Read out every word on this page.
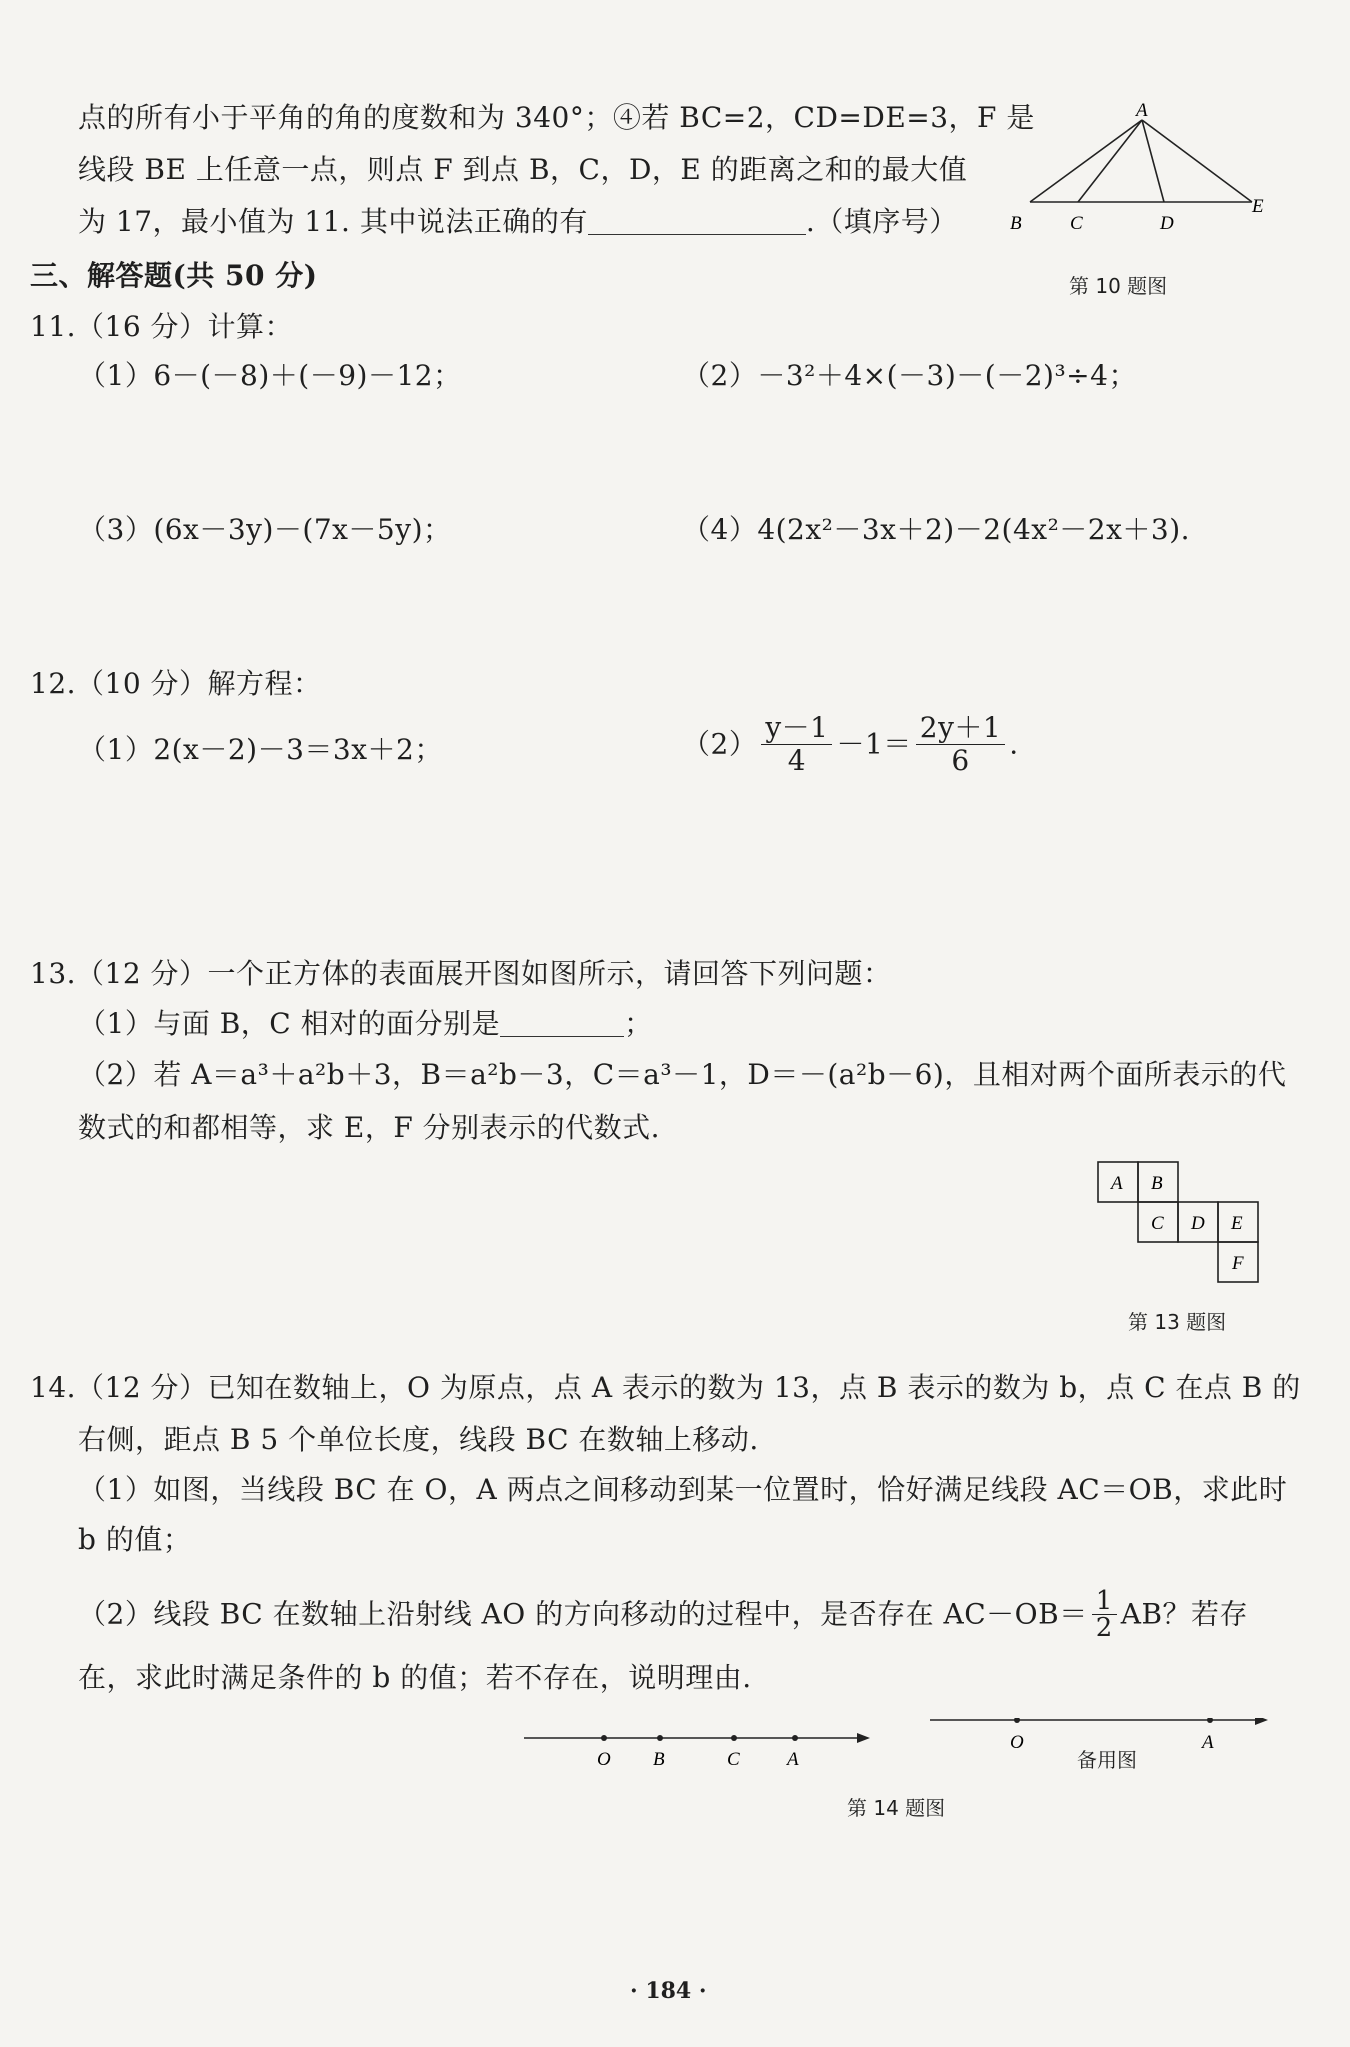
点的所有小于平角的角的度数和为 340°；④若 BC=2，CD=DE=3，F 是
线段 BE 上任意一点，则点 F 到点 B，C，D，E 的距离之和的最大值
为 17，最小值为 11. 其中说法正确的有	.（填序号）
A
B	C	D
E
第 10 题图
三、解答题(共 50 分)
11.（16 分）计算：
（1）6－(－8)＋(－9)－12；	（2）－3²＋4×(－3)－(－2)³÷4；
（3）(6x－3y)－(7x－5y)；	（4）4(2x²－3x＋2)－2(4x²－2x＋3).
12.（10 分）解方程：
（1）2(x－2)－3＝3x＋2；	$(2) \frac{y-1}{4} -1= \frac{2y+1}{6}$ .
13.（12 分）一个正方体的表面展开图如图所示，请回答下列问题：
（1）与面 B，C 相对的面分别是	；
（2）若 A＝a³＋a²b＋3，B＝a²b－3，C＝a³－1，D＝－(a²b－6)，且相对两个面所表示的代
数式的和都相等，求 E，F 分别表示的代数式.
A B
C D E
F
第 13 题图
14.（12 分）已知在数轴上，O 为原点，点 A 表示的数为 13，点 B 表示的数为 b，点 C 在点 B 的
右侧，距点 B 5 个单位长度，线段 BC 在数轴上移动.
（1）如图，当线段 BC 在 O，A 两点之间移动到某一位置时，恰好满足线段 AC＝OB，求此时
b 的值；
（2）线段 BC 在数轴上沿射线 AO 的方向移动的过程中，是否存在 $AC-OB= \frac{1}{2}$ AB？若存
在，求此时满足条件的 b 的值；若不存在，说明理由.
O B	C A
O	A
备用图
第 14 题图
· 184 ·
